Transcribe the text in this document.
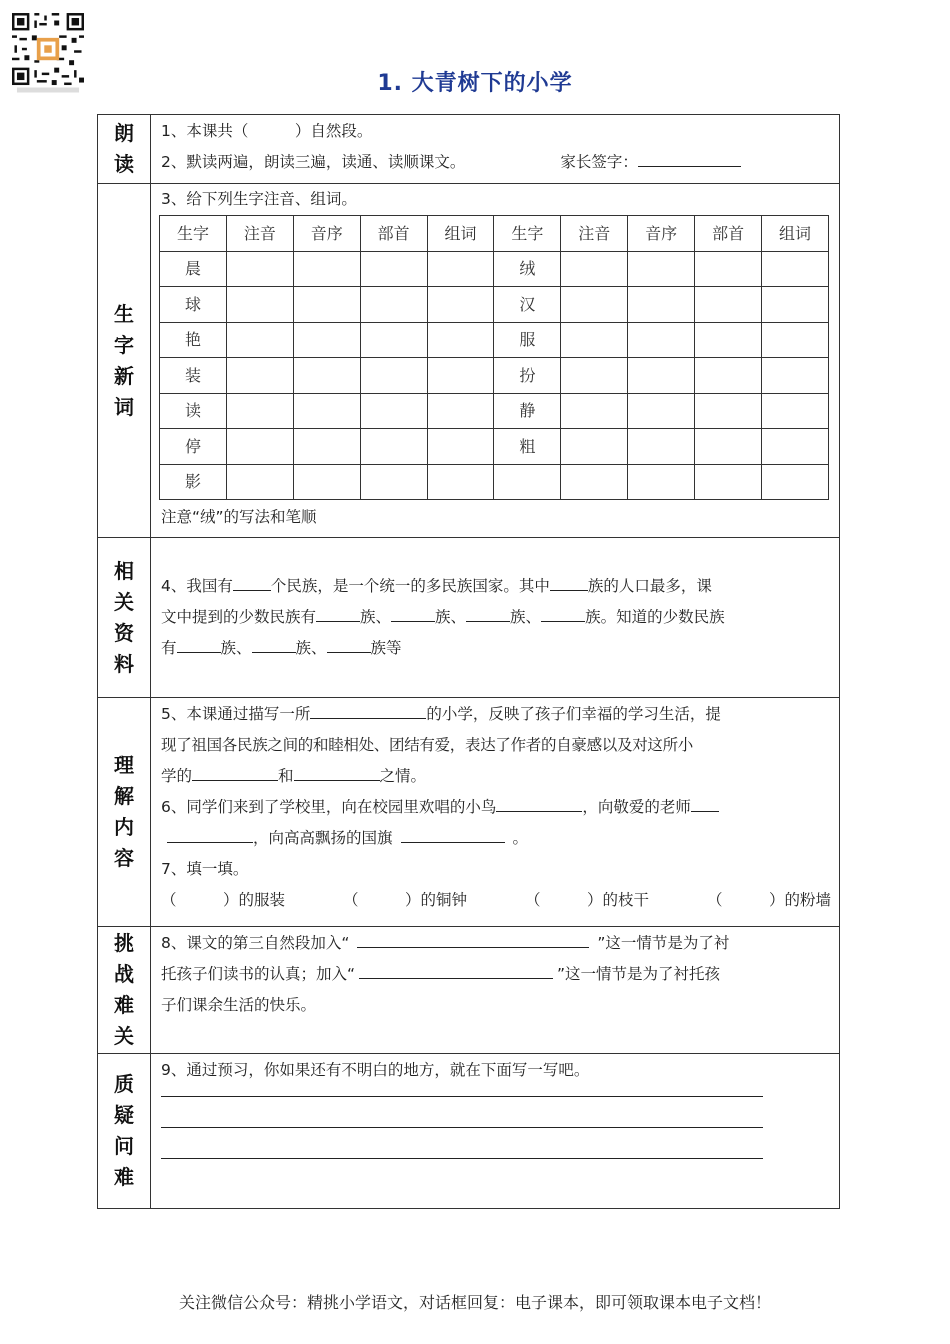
1. 大青树下的小学
朗
读

1、本课共（　　　）自然段。
2、默读两遍，朗读三遍，读通、读顺课文。	家长签字：

生
字
新
词

3、给下列生字注音、组词。
生字	注音	音序	部首	组词	生字	注音	音序	部首	组词
晨					绒				
球					汉				
艳					服				
装					扮				
读					静				
停					粗				
影									
注意“绒”的写法和笔顺

相
关
资
料

4、我国有 个民族，是一个统一的多民族国家。其中 族的人口最多，课
文中提到的少数民族有	族、	族、	族、	族。知道的少数民族
有	族、	族、	族等

理
解
内
容

5、本课通过描写一所	的小学，反映了孩子们幸福的学习生活，提
现了祖国各民族之间的和睦相处、团结有爱，表达了作者的自豪感以及对这所小
学的	和	之情。
6、同学们来到了学校里，向在校园里欢唱的小鸟	，向敬爱的老师
，向高高飘扬的国旗	。
7、填一填。
（　　　）的服装	（　　　）的铜钟	（　　　）的枝干	（　　　）的粉墙

挑
战
难
关

8、课文的第三自然段加入“	”这一情节是为了衬
托孩子们读书的认真；加入“	”这一情节是为了衬托孩
子们课余生活的快乐。

质
疑
问
难

9、通过预习，你如果还有不明白的地方，就在下面写一写吧。
关注微信公众号：精挑小学语文，对话框回复：电子课本，即可领取课本电子文档！
